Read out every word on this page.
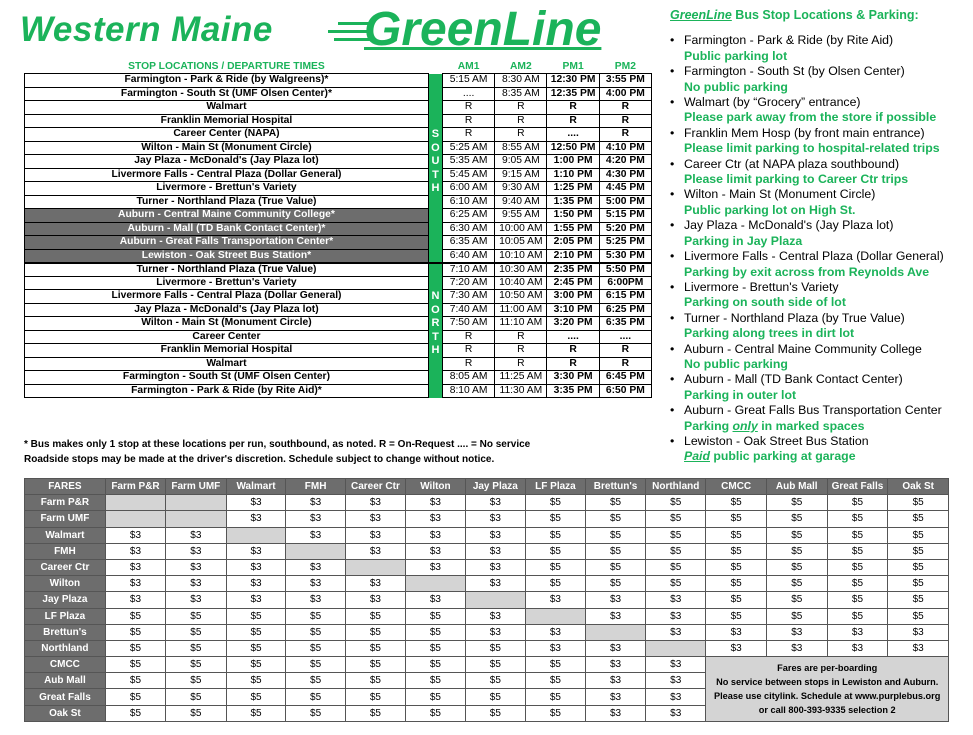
Western Maine GreenLine
STOP LOCATIONS / DEPARTURE TIMES		AM1	AM2	PM1	PM2
Farmington - Park & Ride (by Walgreens)*		5:15 AM	8:30 AM	12:30 PM	3:55 PM
Farmington - South St (UMF Olsen Center)*		....	8:35 AM	12:35 PM	4:00 PM
Walmart		R	R	R	R
Franklin Memorial Hospital		R	R	R	R
Career Center (NAPA)	S	R	R	....	R
Wilton - Main St (Monument Circle)	O	5:25 AM	8:55 AM	12:50 PM	4:10 PM
Jay Plaza - McDonald's (Jay Plaza lot)	U	5:35 AM	9:05 AM	1:00 PM	4:20 PM
Livermore Falls - Central Plaza (Dollar General)	T	5:45 AM	9:15 AM	1:10 PM	4:30 PM
Livermore - Brettun's Variety	H	6:00 AM	9:30 AM	1:25 PM	4:45 PM
Turner - Northland Plaza (True Value)		6:10 AM	9:40 AM	1:35 PM	5:00 PM
Auburn - Central Maine Community College*		6:25 AM	9:55 AM	1:50 PM	5:15 PM
Auburn - Mall (TD Bank Contact Center)*		6:30 AM	10:00 AM	1:55 PM	5:20 PM
Auburn - Great Falls Transportation Center*		6:35 AM	10:05 AM	2:05 PM	5:25 PM
Lewiston - Oak Street Bus Station*		6:40 AM	10:10 AM	2:10 PM	5:30 PM
Turner - Northland Plaza (True Value)		7:10 AM	10:30 AM	2:35 PM	5:50 PM
Livermore - Brettun's Variety		7:20 AM	10:40 AM	2:45 PM	6:00PM
Livermore Falls - Central Plaza (Dollar General)	N	7:30 AM	10:50 AM	3:00 PM	6:15 PM
Jay Plaza - McDonald's (Jay Plaza lot)	O	7:40 AM	11:00 AM	3:10 PM	6:25 PM
Wilton - Main St (Monument Circle)	R	7:50 AM	11:10 AM	3:20 PM	6:35 PM
Career Center	T	R	R	....	....
Franklin Memorial Hospital	H	R	R	R	R
Walmart		R	R	R	R
Farmington - South St (UMF Olsen Center)		8:05 AM	11:25 AM	3:30 PM	6:45 PM
Farmington - Park & Ride (by Rite Aid)*		8:10 AM	11:30 AM	3:35 PM	6:50 PM
* Bus makes only 1 stop at these locations per run, southbound, as noted. R = On-Request .... = No service
Roadside stops may be made at the driver's discretion. Schedule subject to change without notice.
GreenLine Bus Stop Locations & Parking:
• Farmington - Park & Ride (by Rite Aid)
Public parking lot
• Farmington - South St (by Olsen Center)
No public parking
• Walmart (by “Grocery” entrance)
Please park away from the store if possible
• Franklin Mem Hosp (by front main entrance)
Please limit parking to hospital-related trips
• Career Ctr (at NAPA plaza southbound)
Please limit parking to Career Ctr trips
• Wilton - Main St (Monument Circle)
Public parking lot on High St.
• Jay Plaza - McDonald's (Jay Plaza lot)
Parking in Jay Plaza
• Livermore Falls - Central Plaza (Dollar General)
Parking by exit across from Reynolds Ave
• Livermore - Brettun's Variety
Parking on south side of lot
• Turner - Northland Plaza (by True Value)
Parking along trees in dirt lot
• Auburn - Central Maine Community College
No public parking
• Auburn - Mall (TD Bank Contact Center)
Parking in outer lot
• Auburn - Great Falls Bus Transportation Center
Parking only in marked spaces
• Lewiston - Oak Street Bus Station
Paid public parking at garage
FARES	Farm P&R	Farm UMF	Walmart	FMH	Career Ctr	Wilton	Jay Plaza	LF Plaza	Brettun's	Northland	CMCC	Aub Mall	Great Falls	Oak St
Farm P&R			$3	$3	$3	$3	$3	$5	$5	$5	$5	$5	$5	$5
Farm UMF			$3	$3	$3	$3	$3	$5	$5	$5	$5	$5	$5	$5
Walmart	$3	$3		$3	$3	$3	$3	$5	$5	$5	$5	$5	$5	$5
FMH	$3	$3	$3		$3	$3	$3	$5	$5	$5	$5	$5	$5	$5
Career Ctr	$3	$3	$3	$3		$3	$3	$5	$5	$5	$5	$5	$5	$5
Wilton	$3	$3	$3	$3	$3		$3	$5	$5	$5	$5	$5	$5	$5
Jay Plaza	$3	$3	$3	$3	$3	$3		$3	$3	$3	$5	$5	$5	$5
LF Plaza	$5	$5	$5	$5	$5	$5	$3		$3	$3	$5	$5	$5	$5
Brettun's	$5	$5	$5	$5	$5	$5	$3	$3		$3	$3	$3	$3	$3
Northland	$5	$5	$5	$5	$5	$5	$5	$3	$3		$3	$3	$3	$3
CMCC	$5	$5	$5	$5	$5	$5	$5	$5	$3	$3	Fares are per-boarding
No service between stops in Lewiston and Auburn.
Please use citylink. Schedule at www.purplebus.org
or call 800-393-9335 selection 2			

Aub Mall	$5	$5	$5	$5	$5	$5	$5	$5	$3	$3				
Great Falls	$5	$5	$5	$5	$5	$5	$5	$5	$3	$3				
Oak St	$5	$5	$5	$5	$5	$5	$5	$5	$3	$3				
